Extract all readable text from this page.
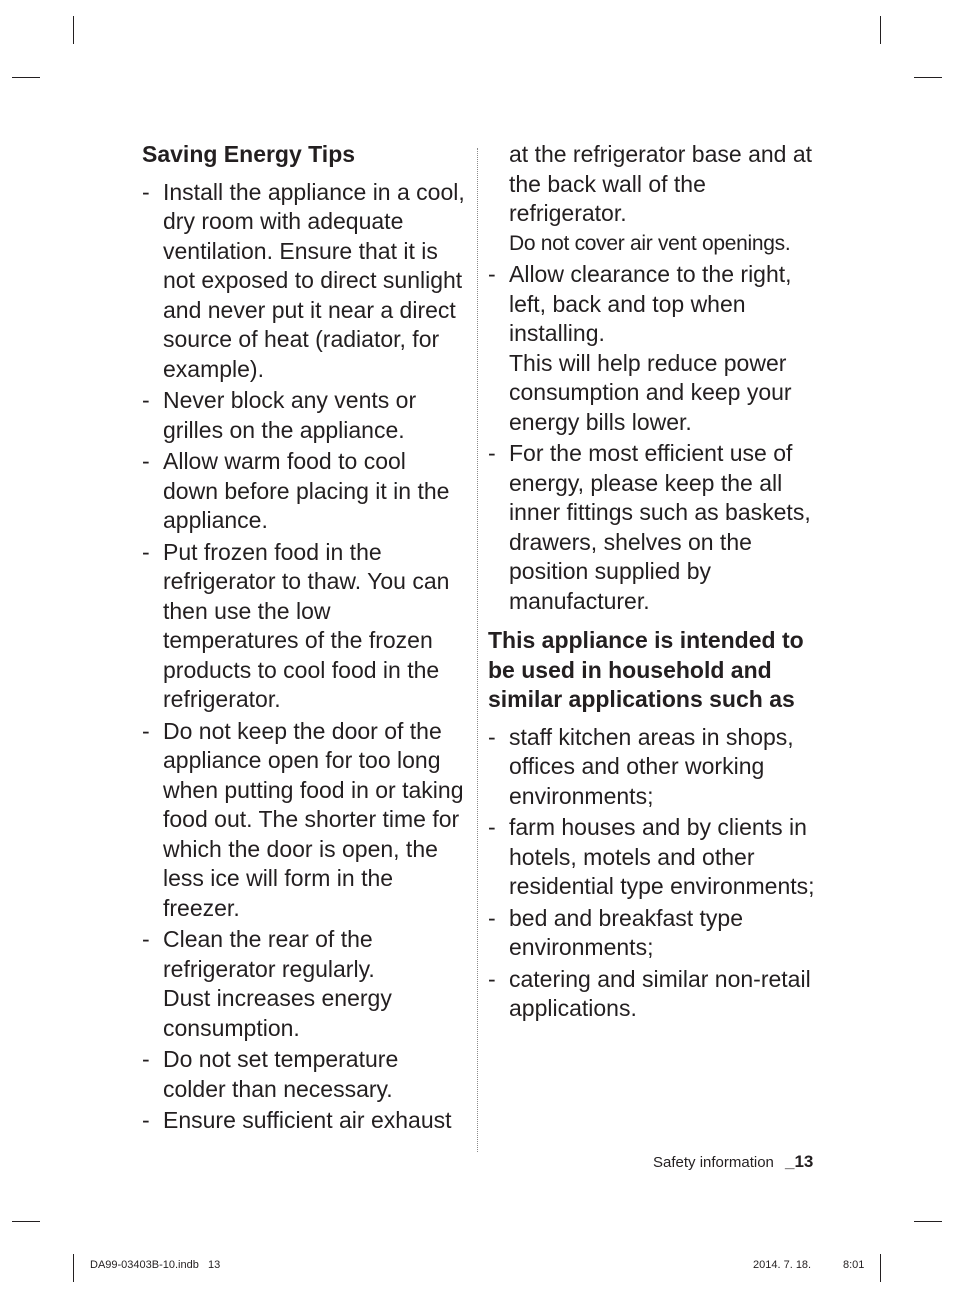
Saving Energy Tips
- Install the appliance in a cool, dry room with adequate ventilation. Ensure that it is not exposed to direct sunlight and never put it near a direct source of heat (radiator, for example).
- Never block any vents or grilles on the appliance.
- Allow warm food to cool down before placing it in the appliance.
- Put frozen food in the refrigerator to thaw. You can then use the low temperatures of the frozen products to cool food in the refrigerator.
- Do not keep the door of the appliance open for too long when putting food in or taking food out. The shorter time for which the door is open, the less ice will form in the freezer.
- Clean the rear of the refrigerator regularly.
Dust increases energy consumption.
- Do not set temperature colder than necessary.
- Ensure sufficient air exhaust
at the refrigerator base and at the back wall of the refrigerator.
Do not cover air vent openings.
- Allow clearance to the right, left, back and top when installing.
This will help reduce power consumption and keep your energy bills lower.
- For the most efficient use of energy, please keep the all inner fittings such as baskets, drawers, shelves on the position supplied by manufacturer.
This appliance is intended to be used in household and similar applications such as
- staff kitchen areas in shops, offices and other working environments;
- farm houses and by clients in hotels, motels and other residential type environments;
- bed and breakfast type environments;
- catering and similar non-retail applications.
Safety information _13
DA99-03403B-10.indb   13	2014. 7. 18.	8:01
